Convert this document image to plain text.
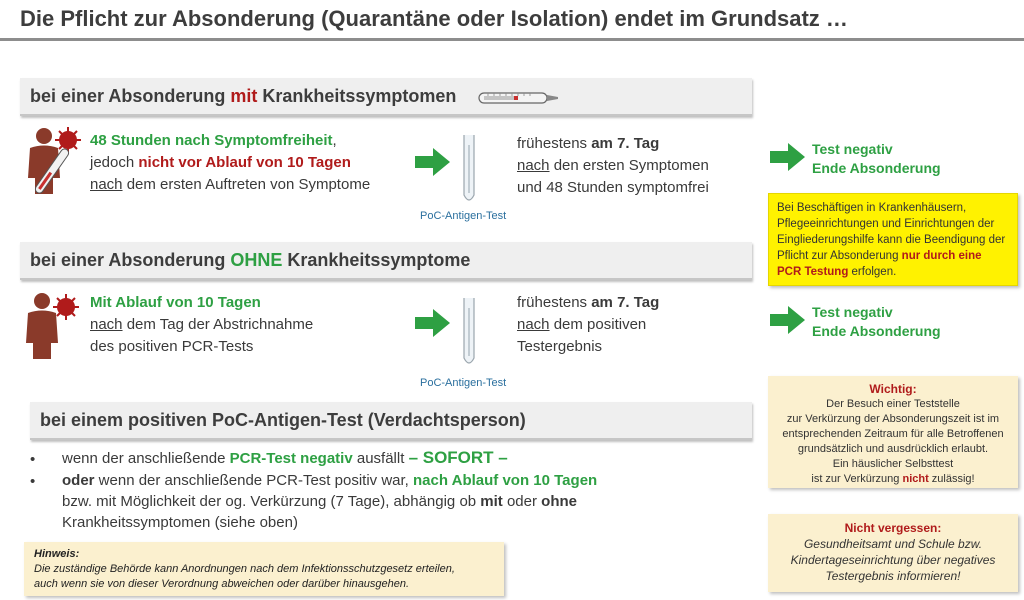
Die Pflicht zur Absonderung (Quarantäne oder Isolation) endet im Grundsatz …
bei einer Absonderung mit Krankheitssymptomen
48 Stunden nach Symptomfreiheit,
jedoch nicht vor Ablauf von 10 Tagen
nach dem ersten Auftreten von Symptome
PoC-Antigen-Test
frühestens am 7. Tag
nach den ersten Symptomen
und 48 Stunden symptomfrei
Test negativ
Ende Absonderung
Bei Beschäftigen in Krankenhäusern, Pflegeeinrichtungen und Einrichtungen der Eingliederungshilfe kann die Beendigung der Pflicht zur Absonderung nur durch eine PCR Testung erfolgen.
bei einer Absonderung OHNE Krankheitssymptome
Mit Ablauf von 10 Tagen
nach dem Tag der Abstrichnahme
des positiven PCR-Tests
PoC-Antigen-Test
frühestens am 7. Tag
nach dem positiven
Testergebnis
Test negativ
Ende Absonderung
Wichtig:
Der Besuch einer Teststelle
zur Verkürzung der Absonderungszeit ist im
entsprechenden Zeitraum für alle Betroffenen
grundsätzlich und ausdrücklich erlaubt.
Ein häuslicher Selbsttest
ist zur Verkürzung nicht zulässig!
bei einem positiven PoC-Antigen-Test (Verdachtsperson)
• wenn der anschließende PCR-Test negativ ausfällt – SOFORT –
• oder wenn der anschließende PCR-Test positiv war, nach Ablauf von 10 Tagen
bzw. mit Möglichkeit der og. Verkürzung (7 Tage), abhängig ob mit oder ohne
Krankheitssymptomen (siehe oben)	Nicht vergessen:
Gesundheitsamt und Schule bzw.
Kindertageseinrichtung über negatives
Testergebnis informieren!
Hinweis:
Die zuständige Behörde kann Anordnungen nach dem Infektionsschutzgesetz erteilen,
auch wenn sie von dieser Verordnung abweichen oder darüber hinausgehen.
